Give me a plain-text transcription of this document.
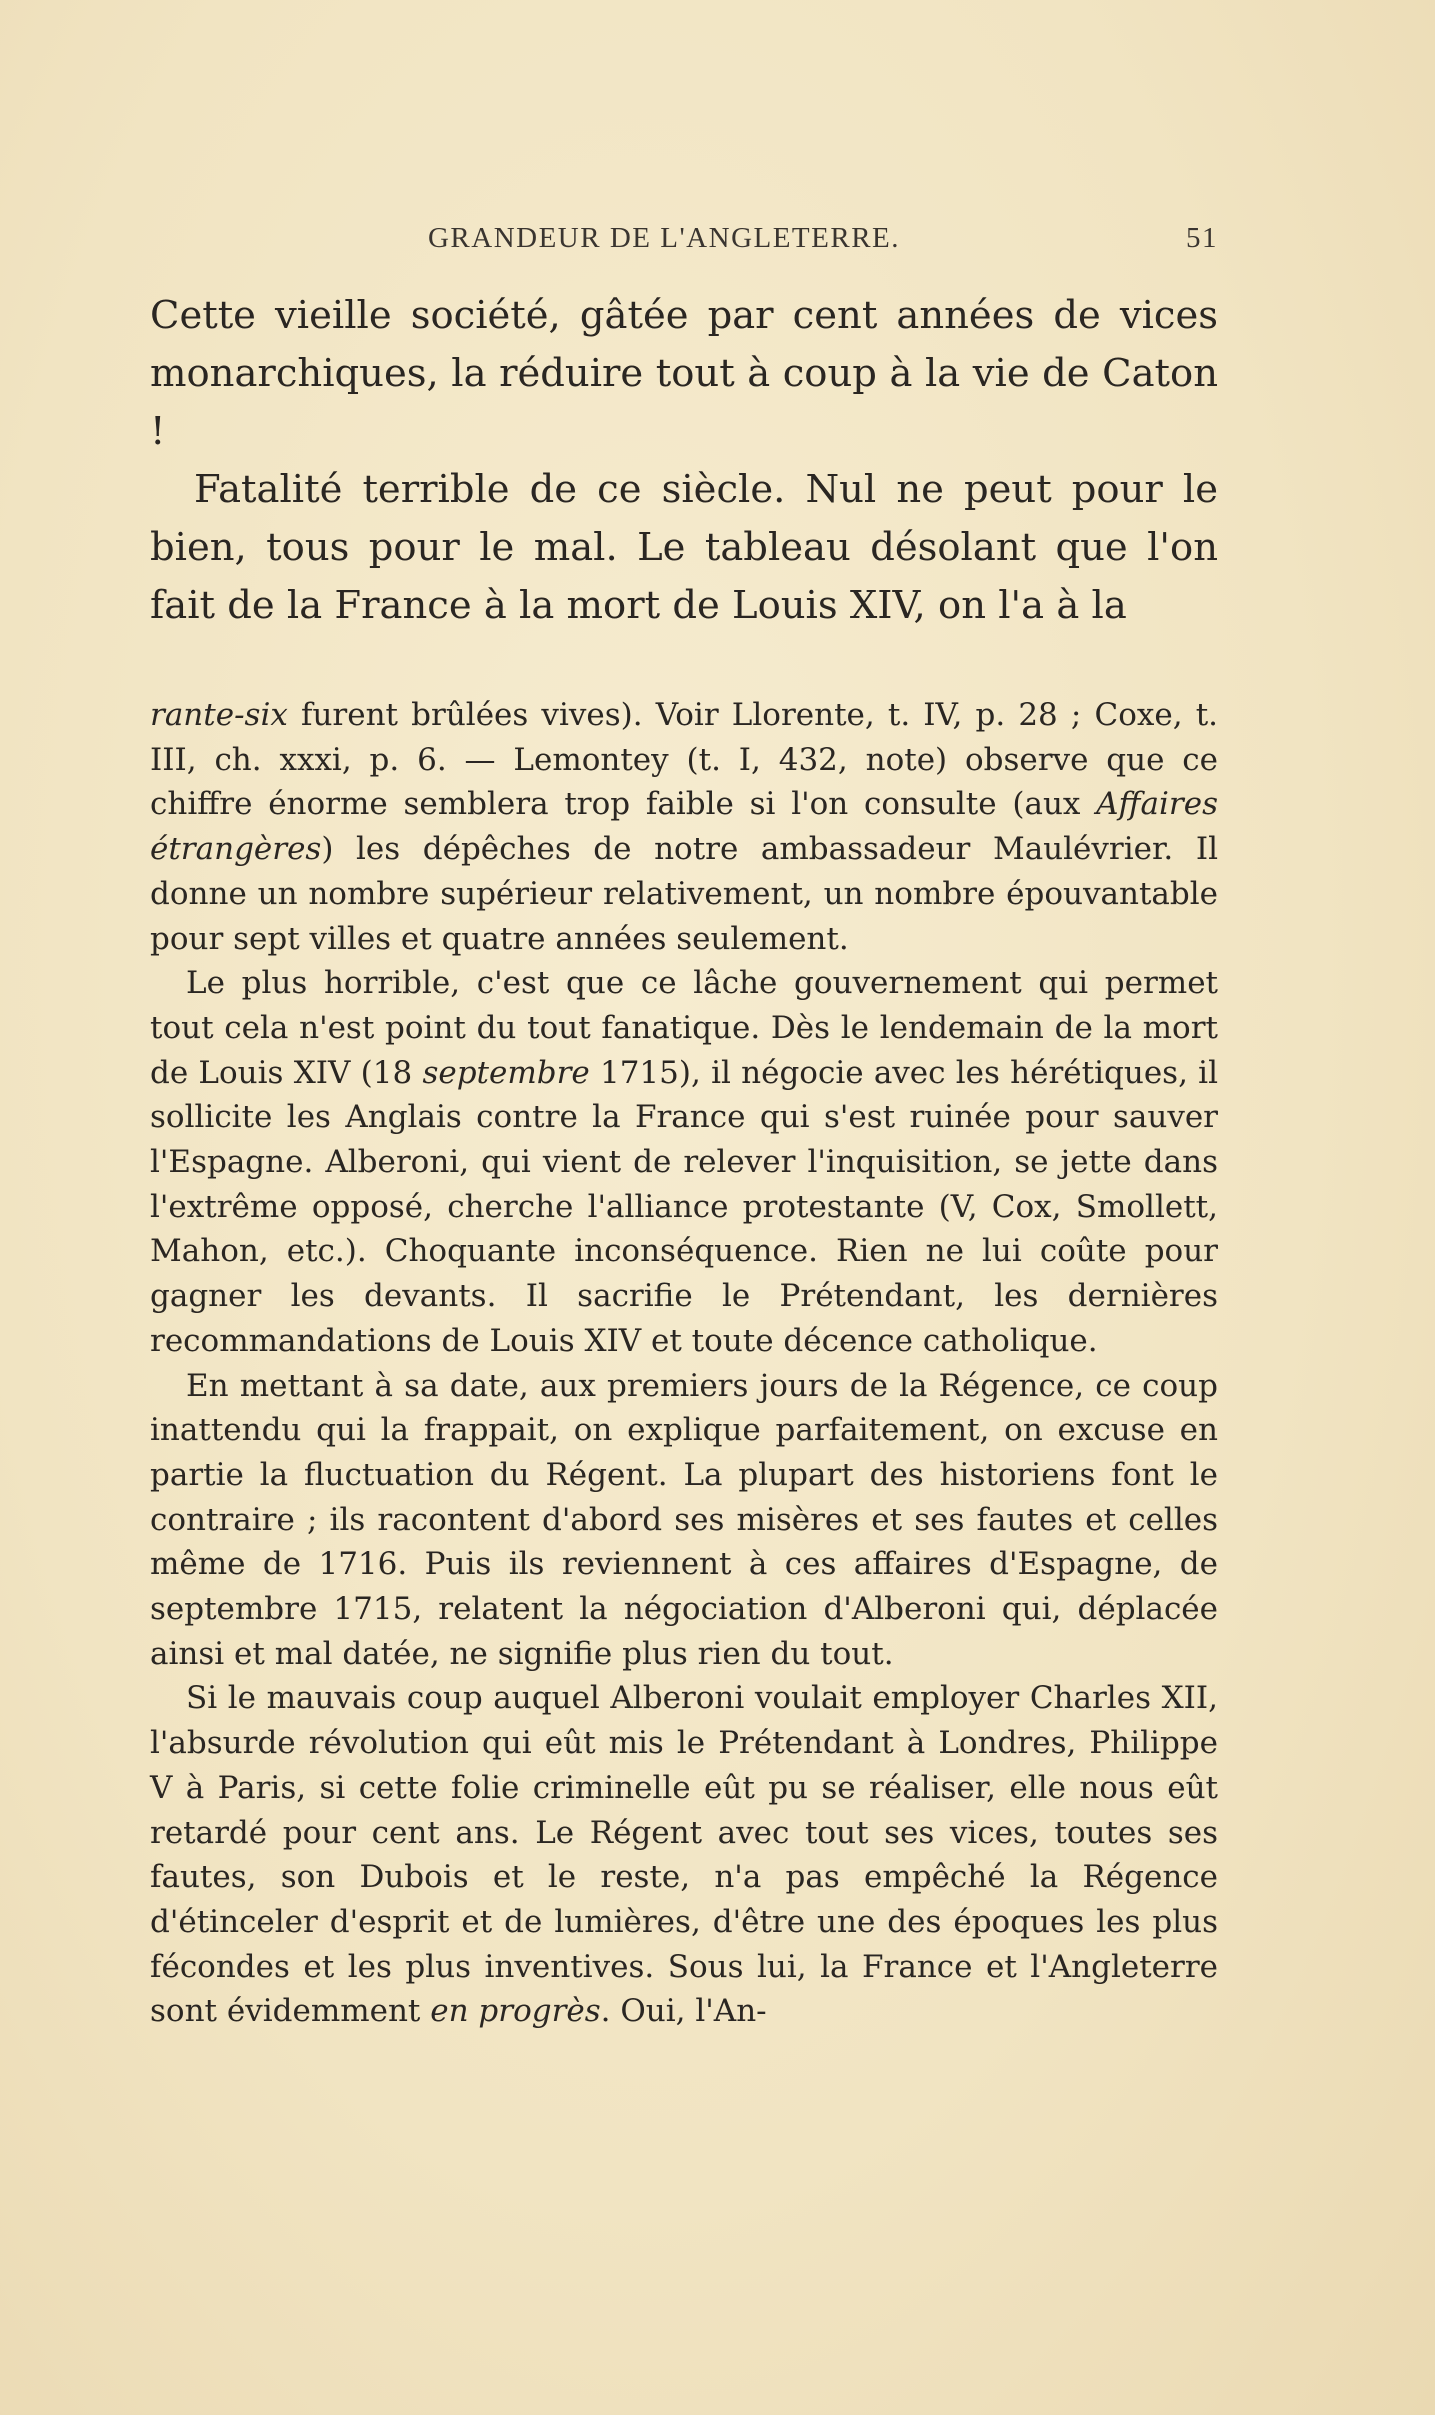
GRANDEUR DE L'ANGLETERRE.	51

Cette vieille société, gâtée par cent années de vices monarchiques, la réduire tout à coup à la vie de Caton !

Fatalité terrible de ce siècle. Nul ne peut pour le bien, tous pour le mal. Le tableau désolant que l'on fait de la France à la mort de Louis XIV, on l'a à la

rante-six furent brûlées vives). Voir Llorente, t. IV, p. 28 ; Coxe, t. III, ch. xxxi, p. 6. — Lemontey (t. I, 432, note) observe que ce chiffre énorme semblera trop faible si l'on consulte (aux Affaires étrangères) les dépêches de notre ambassadeur Maulévrier. Il donne un nombre supérieur relativement, un nombre épouvantable pour sept villes et quatre années seulement.

Le plus horrible, c'est que ce lâche gouvernement qui permet tout cela n'est point du tout fanatique. Dès le lendemain de la mort de Louis XIV (18 septembre 1715), il négocie avec les hérétiques, il sollicite les Anglais contre la France qui s'est ruinée pour sauver l'Espagne. Alberoni, qui vient de relever l'inquisition, se jette dans l'extrême opposé, cherche l'alliance protestante (V, Cox, Smollett, Mahon, etc.). Choquante inconséquence. Rien ne lui coûte pour gagner les devants. Il sacrifie le Prétendant, les dernières recommandations de Louis XIV et toute décence catholique.

En mettant à sa date, aux premiers jours de la Régence, ce coup inattendu qui la frappait, on explique parfaitement, on excuse en partie la fluctuation du Régent. La plupart des historiens font le contraire ; ils racontent d'abord ses misères et ses fautes et celles même de 1716. Puis ils reviennent à ces affaires d'Espagne, de septembre 1715, relatent la négociation d'Alberoni qui, déplacée ainsi et mal datée, ne signifie plus rien du tout.

Si le mauvais coup auquel Alberoni voulait employer Charles XII, l'absurde révolution qui eût mis le Prétendant à Londres, Philippe V à Paris, si cette folie criminelle eût pu se réaliser, elle nous eût retardé pour cent ans. Le Régent avec tout ses vices, toutes ses fautes, son Dubois et le reste, n'a pas empêché la Régence d'étinceler d'esprit et de lumières, d'être une des époques les plus fécondes et les plus inventives. Sous lui, la France et l'Angleterre sont évidemment en progrès. Oui, l'An-
